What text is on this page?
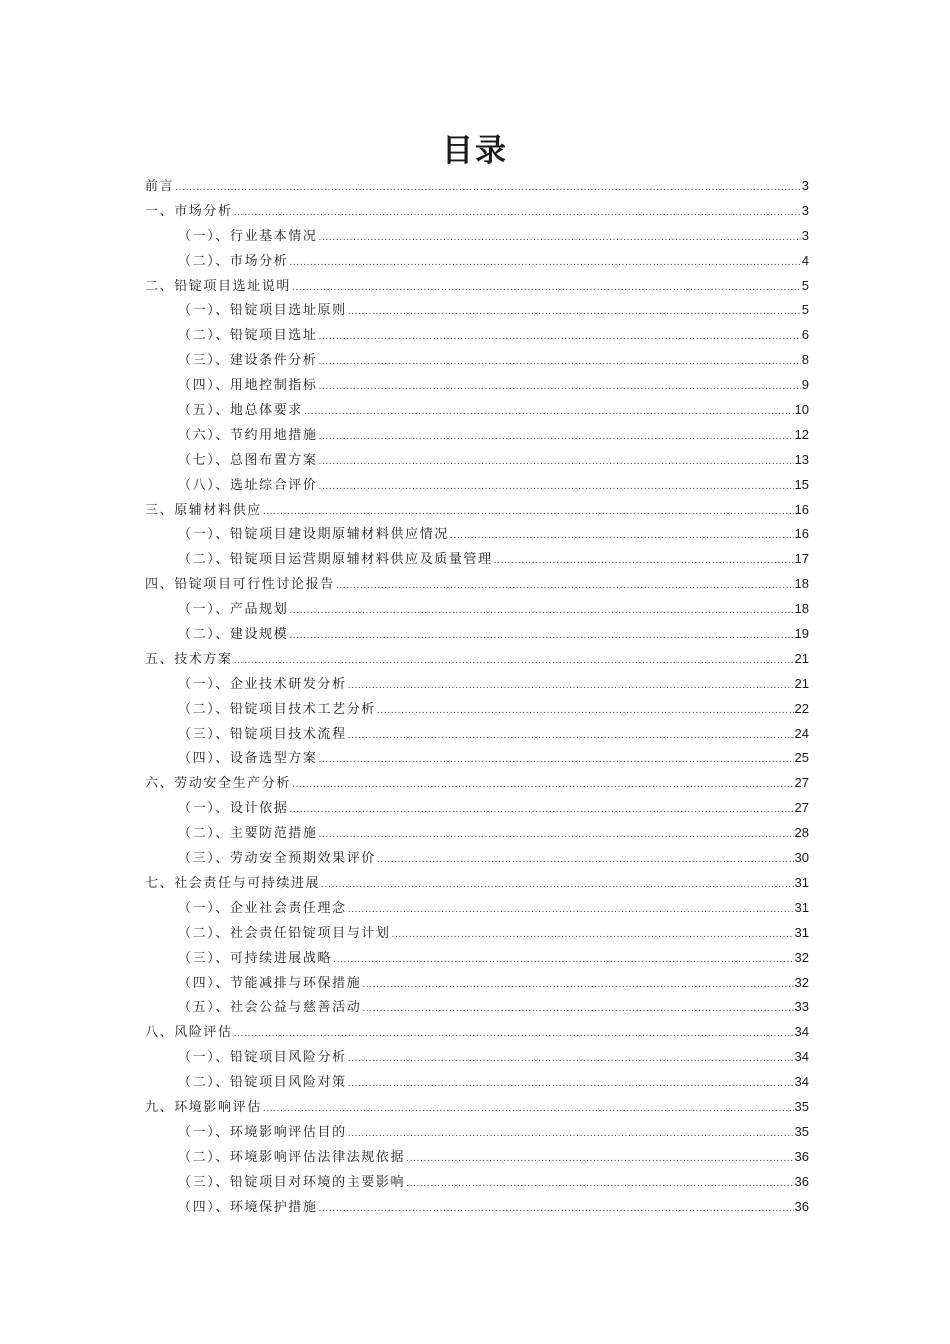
目录
前言 .....	3
一、市场分析 .....	3
（一）、行业基本情况 .....	3
（二）、市场分析 .....	4
二、铅锭项目选址说明 .....	5
（一）、铅锭项目选址原则 .....	5
（二）、铅锭项目选址 .....	6
（三）、建设条件分析 .....	8
（四）、用地控制指标 .....	9
（五）、地总体要求 .....	10
（六）、节约用地措施 .....	12
（七）、总图布置方案 .....	13
（八）、选址综合评价 .....	15
三、原辅材料供应 .....	16
（一）、铅锭项目建设期原辅材料供应情况 .....	16
（二）、铅锭项目运营期原辅材料供应及质量管理 .....	17
四、铅锭项目可行性讨论报告 .....	18
（一）、产品规划 .....	18
（二）、建设规模 .....	19
五、技术方案 .....	21
（一）、企业技术研发分析 .....	21
（二）、铅锭项目技术工艺分析 .....	22
（三）、铅锭项目技术流程 .....	24
（四）、设备选型方案 .....	25
六、劳动安全生产分析 .....	27
（一）、设计依据 .....	27
（二）、主要防范措施 .....	28
（三）、劳动安全预期效果评价 .....	30
七、社会责任与可持续进展 .....	31
（一）、企业社会责任理念 .....	31
（二）、社会责任铅锭项目与计划 .....	31
（三）、可持续进展战略 .....	32
（四）、节能减排与环保措施 .....	32
（五）、社会公益与慈善活动 .....	33
八、风险评估 .....	34
（一）、铅锭项目风险分析 .....	34
（二）、铅锭项目风险对策 .....	34
九、环境影响评估 .....	35
（一）、环境影响评估目的 .....	35
（二）、环境影响评估法律法规依据 .....	36
（三）、铅锭项目对环境的主要影响 .....	36
（四）、环境保护措施 .....	36
